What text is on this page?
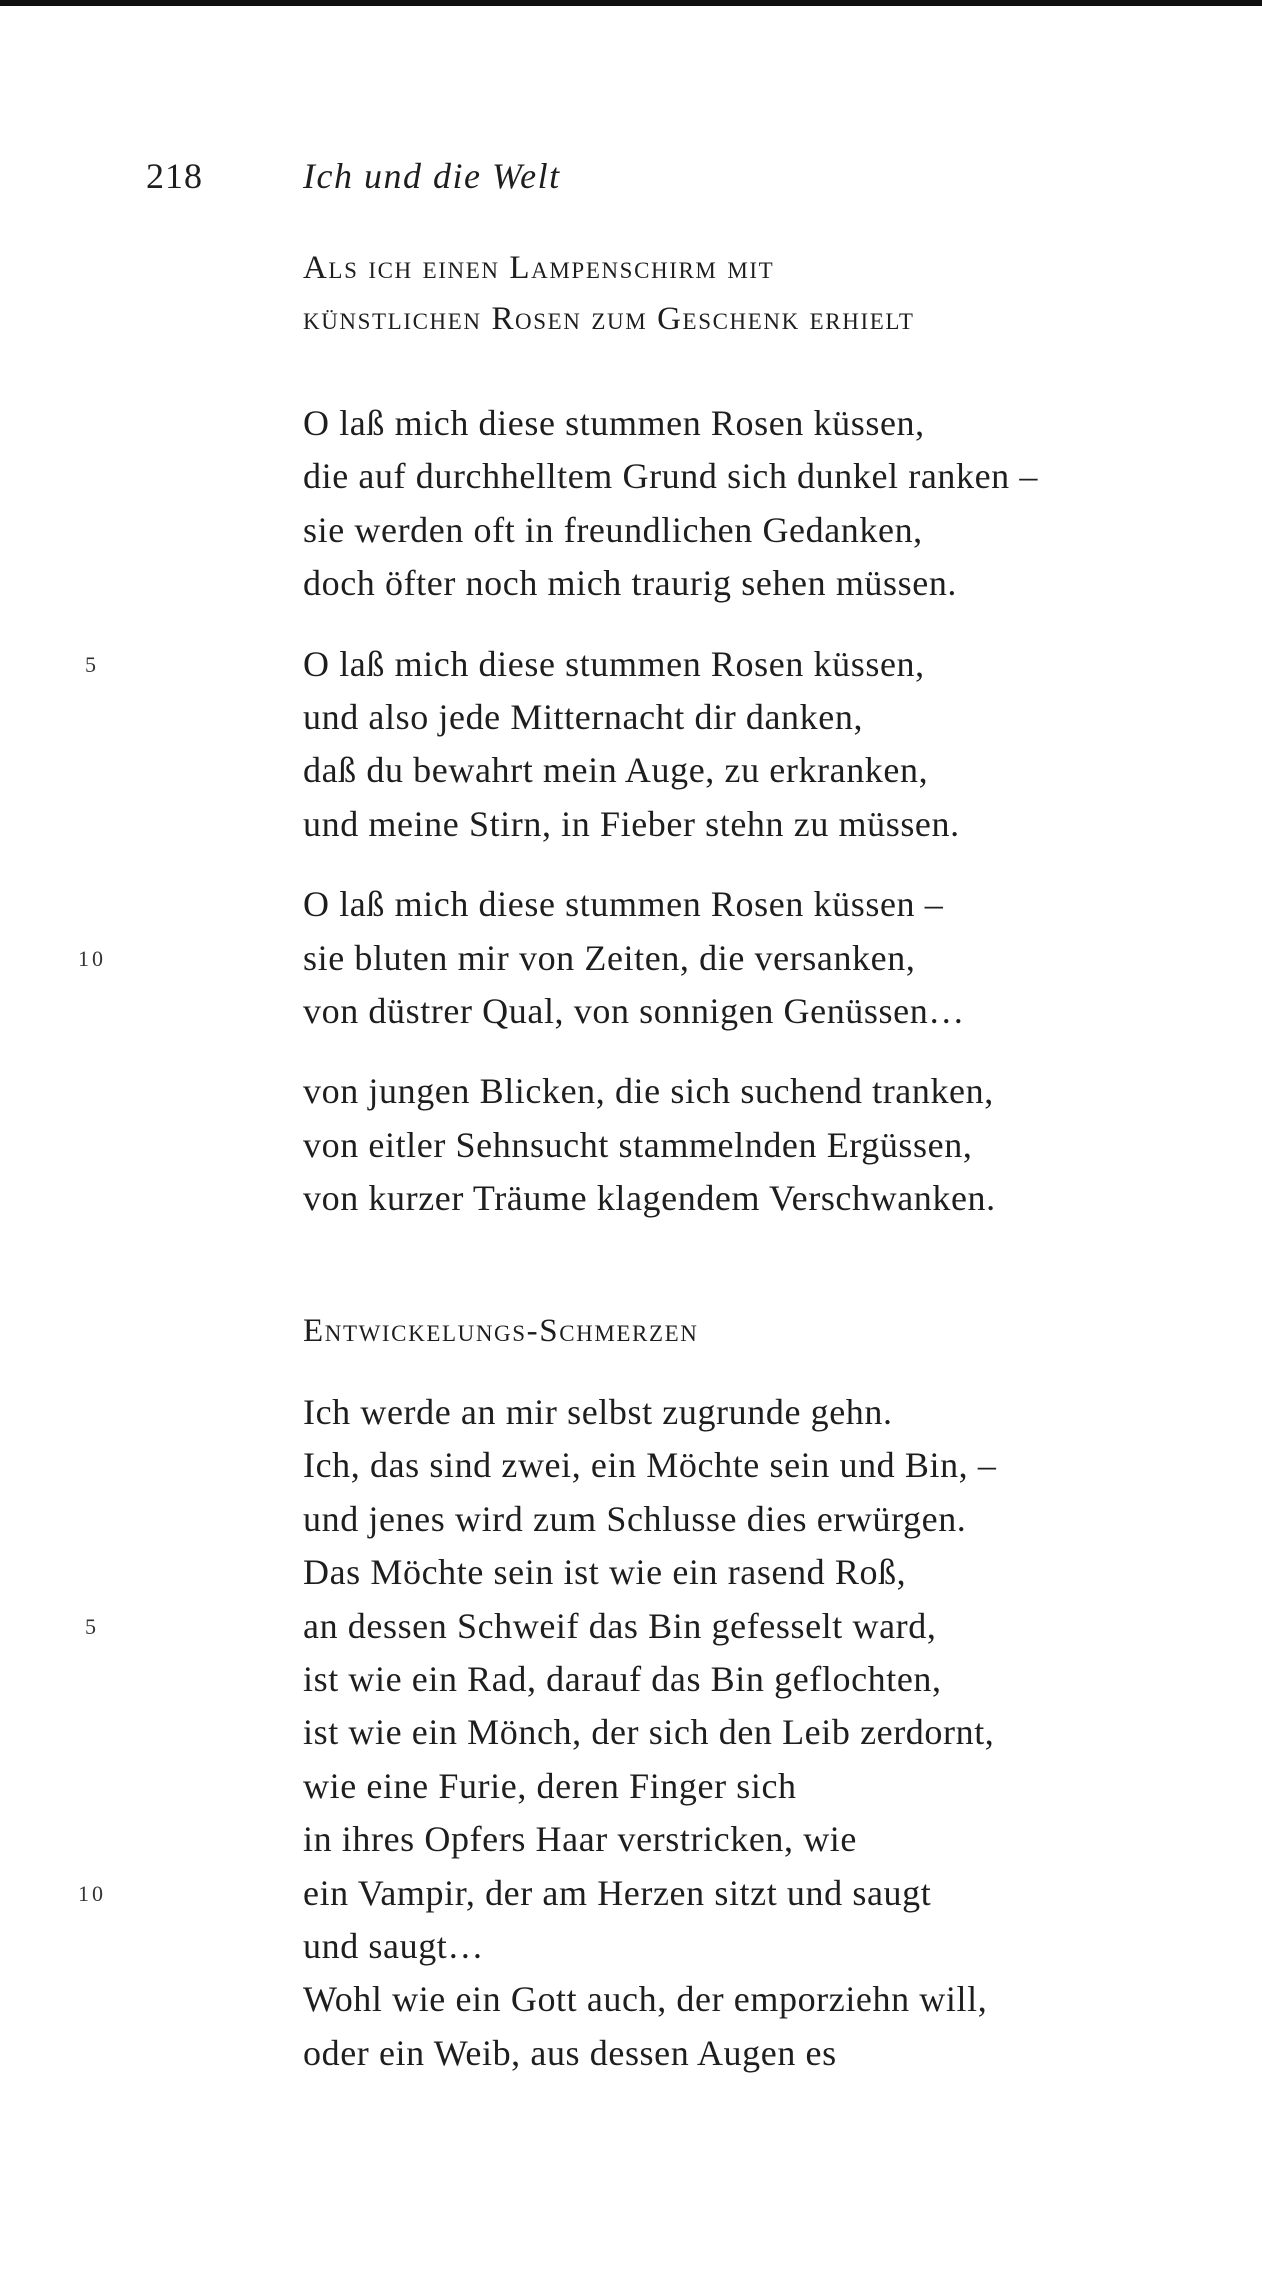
218	Ich und die Welt
Als ich einen Lampenschirm mit
künstlichen Rosen zum Geschenk erhielt
O laß mich diese stummen Rosen küssen,
die auf durchhelltem Grund sich dunkel ranken –
sie werden oft in freundlichen Gedanken,
doch öfter noch mich traurig sehen müssen.
5	O laß mich diese stummen Rosen küssen,
und also jede Mitternacht dir danken,
daß du bewahrt mein Auge, zu erkranken,
und meine Stirn, in Fieber stehn zu müssen.
O laß mich diese stummen Rosen küssen –
10	sie bluten mir von Zeiten, die versanken,
von düstrer Qual, von sonnigen Genüssen…
von jungen Blicken, die sich suchend tranken,
von eitler Sehnsucht stammelnden Ergüssen,
von kurzer Träume klagendem Verschwanken.
Entwickelungs-Schmerzen
Ich werde an mir selbst zugrunde gehn.
Ich, das sind zwei, ein Möchte sein und Bin, –
und jenes wird zum Schlusse dies erwürgen.
Das Möchte sein ist wie ein rasend Roß,
5	an dessen Schweif das Bin gefesselt ward,
ist wie ein Rad, darauf das Bin geflochten,
ist wie ein Mönch, der sich den Leib zerdornt,
wie eine Furie, deren Finger sich
in ihres Opfers Haar verstricken, wie
10	ein Vampir, der am Herzen sitzt und saugt
und saugt…
Wohl wie ein Gott auch, der emporziehn will,
oder ein Weib, aus dessen Augen es
